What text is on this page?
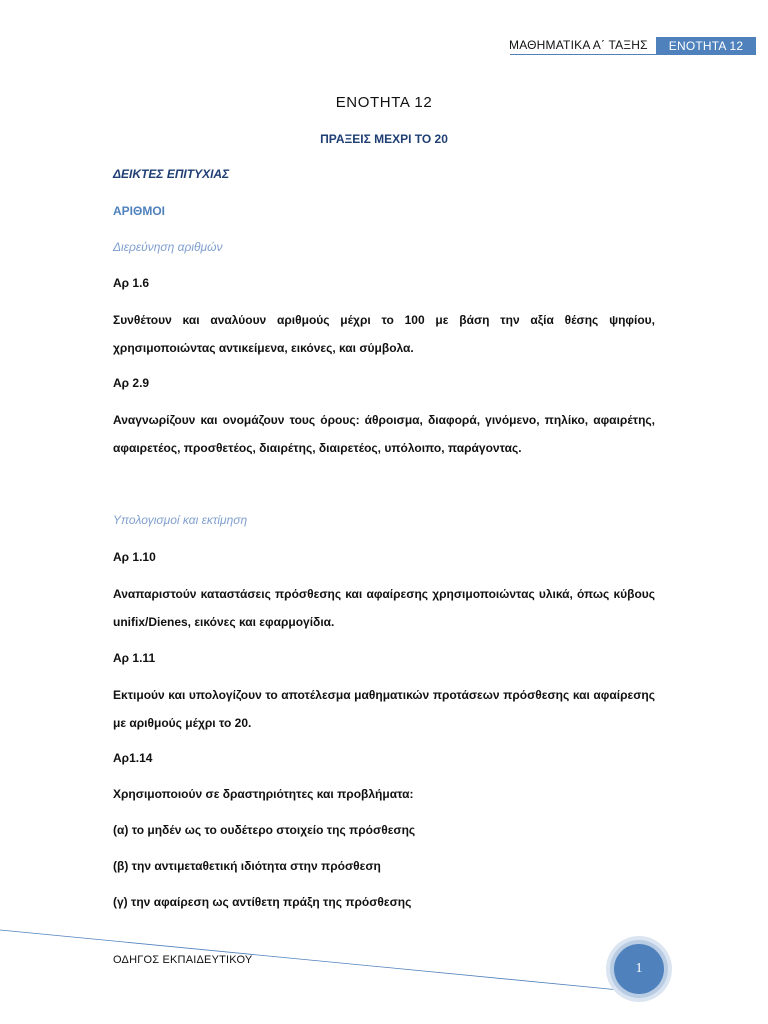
ΜΑΘΗΜΑΤΙΚΑ Α΄ ΤΑΞΗΣ	ΕΝΟΤΗΤΑ 12
ΕΝΟΤΗΤΑ 12
ΠΡΑΞΕΙΣ ΜΕΧΡΙ ΤΟ 20
ΔΕΙΚΤΕΣ ΕΠΙΤΥΧΙΑΣ
ΑΡΙΘΜΟΙ
Διερεύνηση αριθμών
Αρ 1.6
Συνθέτουν και αναλύουν αριθμούς μέχρι το 100 με βάση την αξία θέσης ψηφίου, χρησιμοποιώντας αντικείμενα, εικόνες, και σύμβολα.
Αρ 2.9
Αναγνωρίζουν και ονομάζουν τους όρους: άθροισμα, διαφορά, γινόμενο, πηλίκο, αφαιρέτης, αφαιρετέος, προσθετέος, διαιρέτης, διαιρετέος, υπόλοιπο, παράγοντας.
Υπολογισμοί και εκτίμηση
Αρ 1.10
Αναπαριστούν καταστάσεις πρόσθεσης και αφαίρεσης χρησιμοποιώντας υλικά, όπως κύβους unifix/Dienes, εικόνες και εφαρμογίδια.
Αρ 1.11
Εκτιμούν και υπολογίζουν το αποτέλεσμα μαθηματικών προτάσεων πρόσθεσης και αφαίρεσης με αριθμούς μέχρι το 20.
Αρ1.14
Χρησιμοποιούν σε δραστηριότητες και προβλήματα:
(α) το μηδέν ως το ουδέτερο στοιχείο της πρόσθεσης
(β) την αντιμεταθετική ιδιότητα στην πρόσθεση
(γ) την αφαίρεση ως αντίθετη πράξη της πρόσθεσης
ΟΔΗΓΟΣ ΕΚΠΑΙΔΕΥΤΙΚΟΥ
1
